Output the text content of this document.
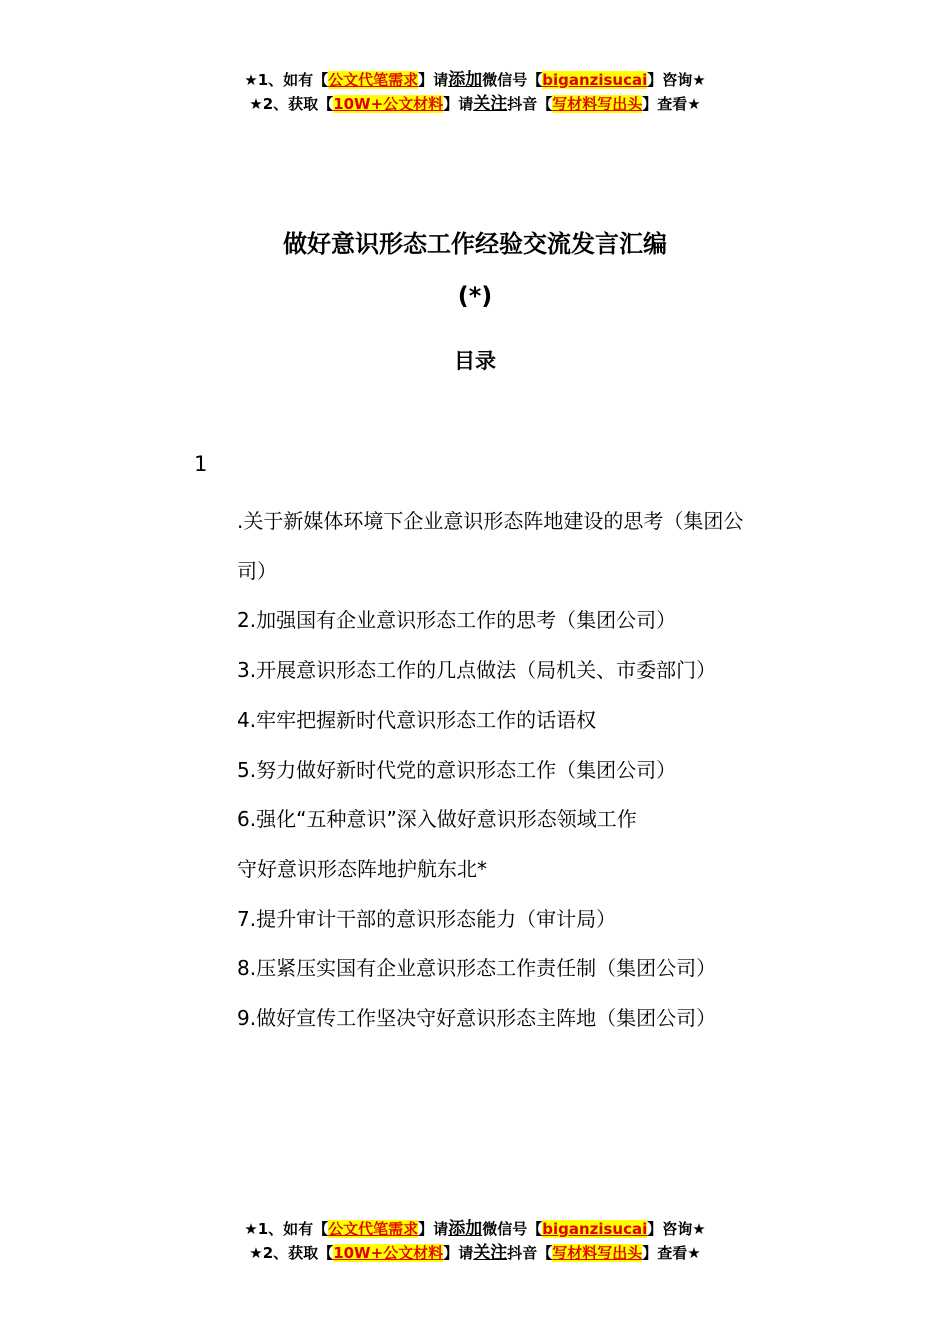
★1、如有【公文代笔需求】请添加微信号【biganzisucai】咨询★
★2、获取【10W+公文材料】请关注抖音【写材料写出头】查看★
做好意识形态工作经验交流发言汇编
(*)
目录
1
.关于新媒体环境下企业意识形态阵地建设的思考（集团公
司）
2.加强国有企业意识形态工作的思考（集团公司）
3.开展意识形态工作的几点做法（局机关、市委部门）
4.牢牢把握新时代意识形态工作的话语权
5.努力做好新时代党的意识形态工作（集团公司）
6.强化“五种意识”深入做好意识形态领域工作
守好意识形态阵地护航东北*
7.提升审计干部的意识形态能力（审计局）
8.压紧压实国有企业意识形态工作责任制（集团公司）
9.做好宣传工作坚决守好意识形态主阵地（集团公司）
★1、如有【公文代笔需求】请添加微信号【biganzisucai】咨询★
★2、获取【10W+公文材料】请关注抖音【写材料写出头】查看★
